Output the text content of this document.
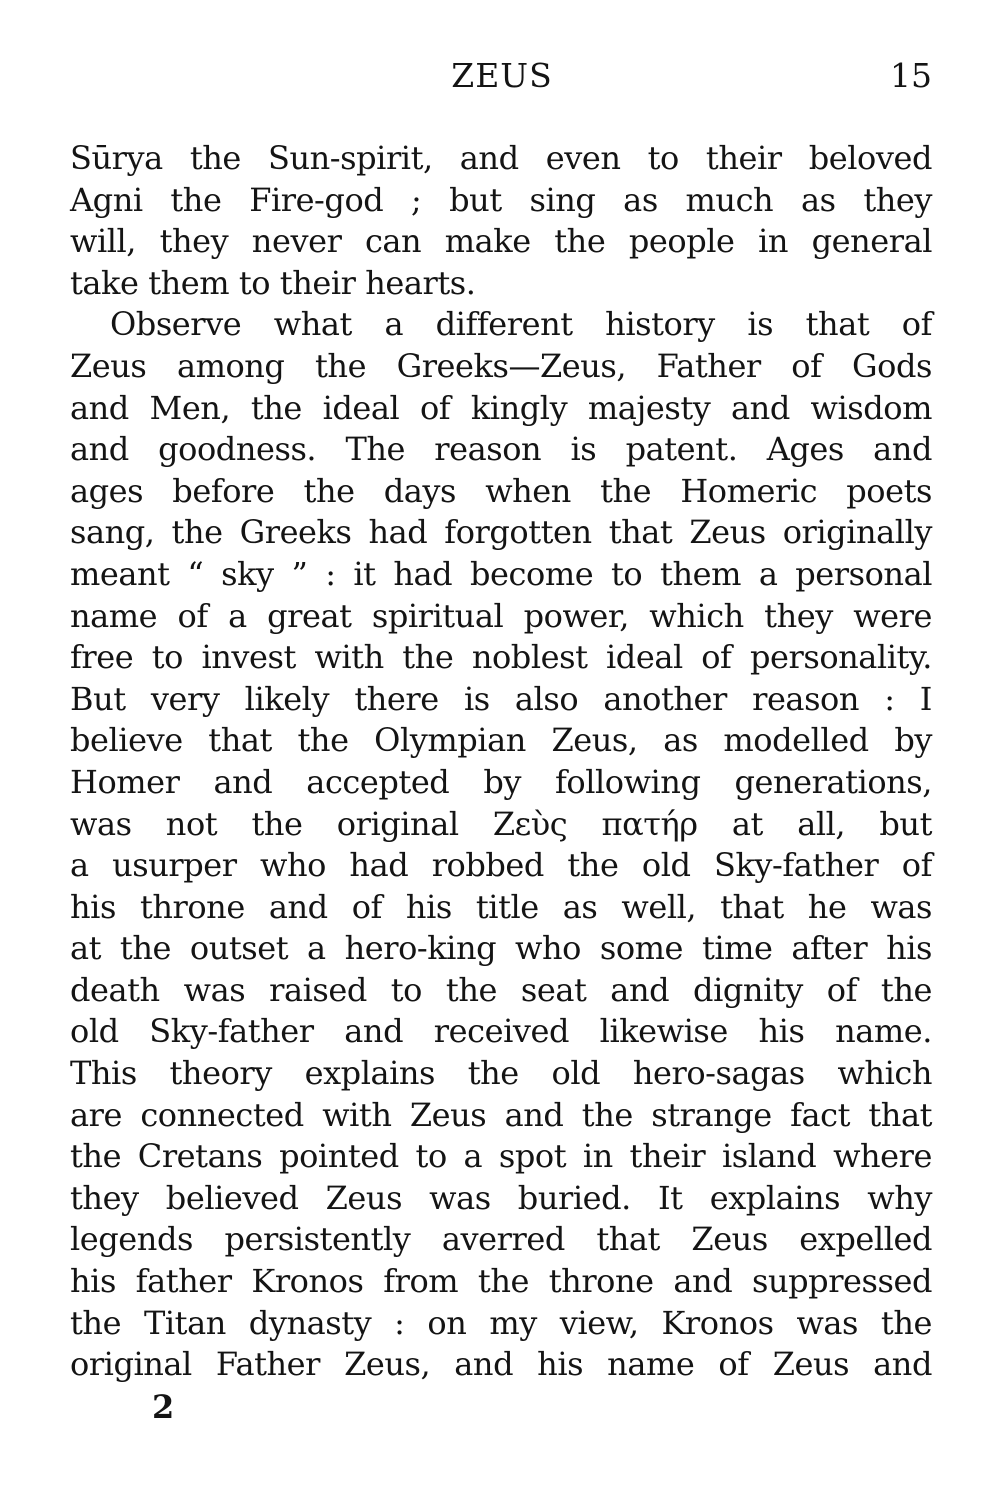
ZEUS	15
Sūrya the Sun-spirit, and even to their beloved
Agni the Fire-god ; but sing as much as they
will, they never can make the people in general
take them to their hearts.
Observe what a different history is that of
Zeus among the Greeks—Zeus, Father of Gods
and Men, the ideal of kingly majesty and wisdom
and goodness. The reason is patent. Ages and
ages before the days when the Homeric poets
sang, the Greeks had forgotten that Zeus originally
meant “ sky ” : it had become to them a personal
name of a great spiritual power, which they were
free to invest with the noblest ideal of personality.
But very likely there is also another reason : I
believe that the Olympian Zeus, as modelled by
Homer and accepted by following generations,
was not the original Ζεὺς πατήρ at all, but
a usurper who had robbed the old Sky-father of
his throne and of his title as well, that he was
at the outset a hero-king who some time after his
death was raised to the seat and dignity of the
old Sky-father and received likewise his name.
This theory explains the old hero-sagas which
are connected with Zeus and the strange fact that
the Cretans pointed to a spot in their island where
they believed Zeus was buried. It explains why
legends persistently averred that Zeus expelled
his father Kronos from the throne and suppressed
the Titan dynasty : on my view, Kronos was the
original Father Zeus, and his name of Zeus and
2
